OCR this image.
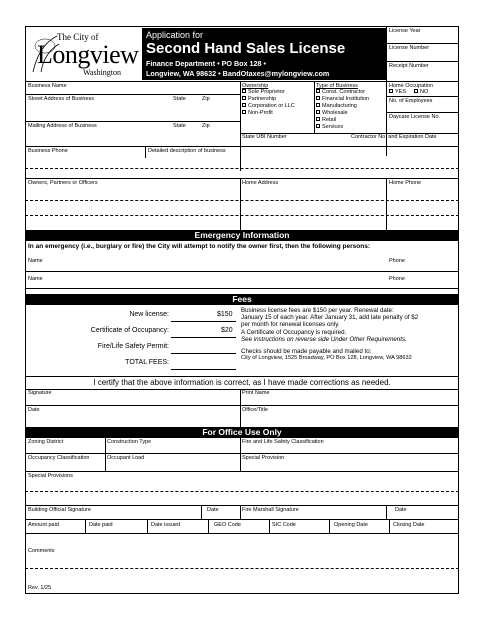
The City of
Longview
Washington
Application for
Second Hand Sales License
Finance Department • PO Box 128 •
Longview, WA 98632 • BandOtaxes@mylongview.com
License Year
License Number
Receipt Number
Business Name
Street Address of Business	State	Zip
Mailing Address of Business	State	Zip
Ownership
Sole Proprietor
Partnership
Corporation or LLC
Non-Profit
Type of Business
Const. Contractor
Financial Institution
Manufacturing
Wholesale
Retail
Services
Home Occupation
YES	NO
No. of Employees
Daycare License No.
State UBI Number	Contractor No. and Expiration Date
Business Phone	Detailed description of business
Owners, Partners or Officers	Home Address	Home Phone
Emergency Information
In an emergency (i.e., burglary or fire) the City will attempt to notify the owner first, then the following persons:
Name	Phone
Name	Phone
Fees
New license:	$150
Certificate of Occupancy:	$20
Fire/Life Safety Permit:
TOTAL FEES:
Business license fees are $150 per year. Renewal date:
January 15 of each year. After January 31, add late penalty of $2
per month for renewal licenses only.
A Certificate of Occupancy is required.
See instructions on reverse side Under Other Requirements.
Checks should be made payable and mailed to:
City of Longview, 1525 Broadway, PO Box 128, Longview, WA 98632
I certify that the above information is correct, as I have made corrections as needed.
Signature	Print Name
Date	Office/Title
For Office Use Only
Zoning District	Construction Type	Fire and Life Safety Classification
Occupancy Classification	Occupant Load	Special Provision
Special Provisions
Building Official Signature	Date	Fire Marshall Signature	Date
Amount paid	Date paid	Date issued	GEO Code	SIC Code	Opening Date	Closing Date
Comments
Rev. 1/25
